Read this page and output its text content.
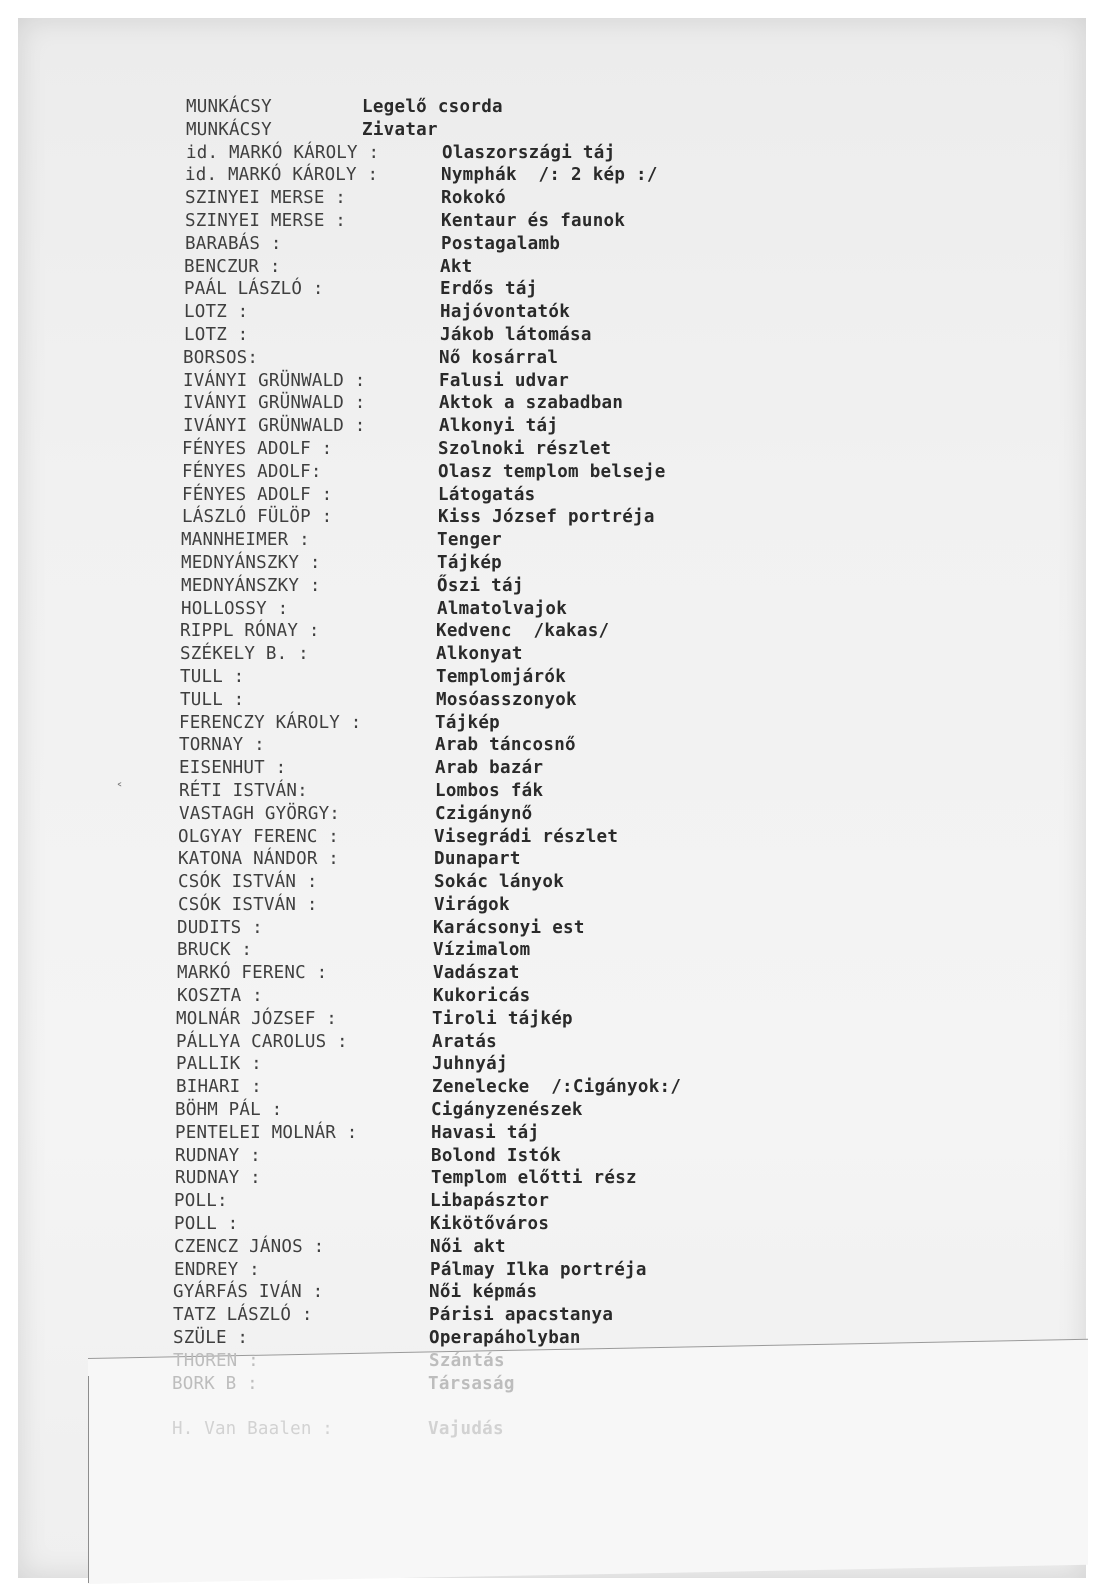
MUNKÁCSY	Legelő csorda
MUNKÁCSY	Zivatar
id. MARKÓ KÁROLY :	Olaszországi táj
id. MARKÓ KÁROLY :	Nymphák  /: 2 kép :/
SZINYEI MERSE :	Rokokó
SZINYEI MERSE :	Kentaur és faunok
BARABÁS :	Postagalamb
BENCZUR :	Akt
PAÁL LÁSZLÓ :	Erdős táj
LOTZ :	Hajóvontatók
LOTZ :	Jákob látomása
BORSOS:	Nő kosárral
IVÁNYI GRÜNWALD :	Falusi udvar
IVÁNYI GRÜNWALD :	Aktok a szabadban
IVÁNYI GRÜNWALD :	Alkonyi táj
FÉNYES ADOLF :	Szolnoki részlet
FÉNYES ADOLF:	Olasz templom belseje
FÉNYES ADOLF :	Látogatás
LÁSZLÓ FÜLÖP :	Kiss József portréja
MANNHEIMER :	Tenger
MEDNYÁNSZKY :	Tájkép
MEDNYÁNSZKY :	Őszi táj
HOLLOSSY :	Almatolvajok
RIPPL RÓNAY :	Kedvenc  /kakas/
SZÉKELY B. :	Alkonyat
TULL :	Templomjárók
TULL :	Mosóasszonyok
FERENCZY KÁROLY :	Tájkép
TORNAY :	Arab táncosnő
EISENHUT :	Arab bazár
RÉTI ISTVÁN:	Lombos fák
VASTAGH GYÖRGY:	Czigánynő
OLGYAY FERENC :	Visegrádi részlet
KATONA NÁNDOR :	Dunapart
CSÓK ISTVÁN :	Sokác lányok
CSÓK ISTVÁN :	Virágok
DUDITS :	Karácsonyi est
BRUCK :	Vízimalom
MARKÓ FERENC :	Vadászat
KOSZTA :	Kukoricás
MOLNÁR JÓZSEF :	Tiroli tájkép
PÁLLYA CAROLUS :	Aratás
PALLIK :	Juhnyáj
BIHARI :	Zenelecke  /:Cigányok:/
BÖHM PÁL :	Cigányzenészek
PENTELEI MOLNÁR :	Havasi táj
RUDNAY :	Bolond Istók
RUDNAY :	Templom előtti rész
POLL:	Libapásztor
POLL :	Kikötőváros
CZENCZ JÁNOS :	Női akt
ENDREY :	Pálmay Ilka portréja
GYÁRFÁS IVÁN :	Női képmás
TATZ LÁSZLÓ :	Párisi apacstanya
SZÜLE :	Operapáholyban
THOREN :	Szántás
BORK B :	Társaság
H. Van Baalen :	Vajudás
˂
